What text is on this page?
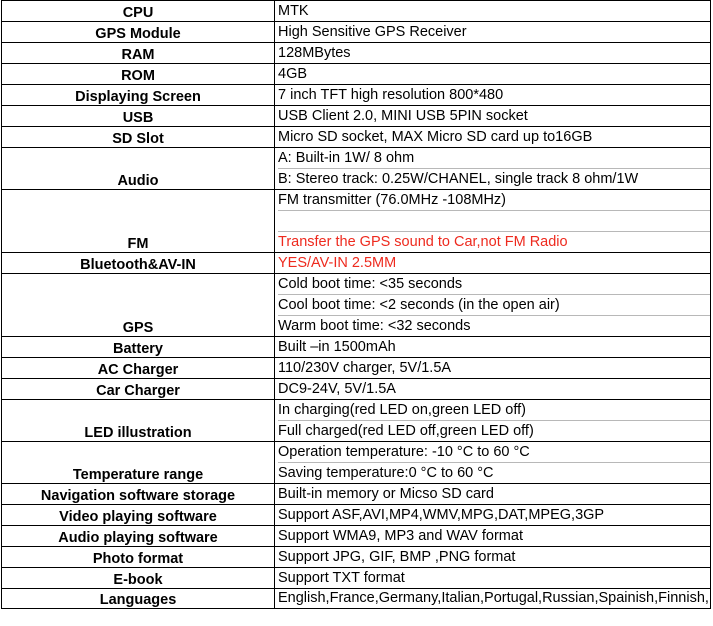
CPU	MTK

GPS Module	High Sensitive GPS Receiver

RAM	128MBytes

ROM	4GB

Displaying Screen	7 inch TFT high resolution 800*480

USB	USB Client 2.0, MINI USB 5PIN socket

SD Slot	Micro SD socket, MAX Micro SD card up to16GB

Audio	A: Built-in 1W/ 8 ohm
B: Stereo track: 0.25W/CHANEL, single track 8 ohm/1W

FM	FM transmitter (76.0MHz -108MHz)
Transfer the GPS sound to Car,not FM Radio

Bluetooth&AV-IN	YES/AV-IN 2.5MM

GPS	Cold boot time: <35 seconds
Cool boot time: <2 seconds (in the open air)
Warm boot time: <32 seconds

Battery	Built –in 1500mAh

AC Charger	110/230V charger, 5V/1.5A

Car Charger	DC9-24V, 5V/1.5A

LED illustration	In charging(red LED on,green LED off)
Full charged(red LED off,green LED off)

Temperature range	Operation temperature: -10 °C to 60 °C
Saving temperature:0 °C to 60 °C

Navigation software storage	Built-in memory or Micso SD card

Video playing software	Support ASF,AVI,MP4,WMV,MPG,DAT,MPEG,3GP

Audio playing software	Support WMA9, MP3 and WAV format

Photo format	Support JPG, GIF, BMP ,PNG format

E-book	Support TXT format

Languages	English,France,Germany,Italian,Portugal,Russian,Spainish,Finnish,
